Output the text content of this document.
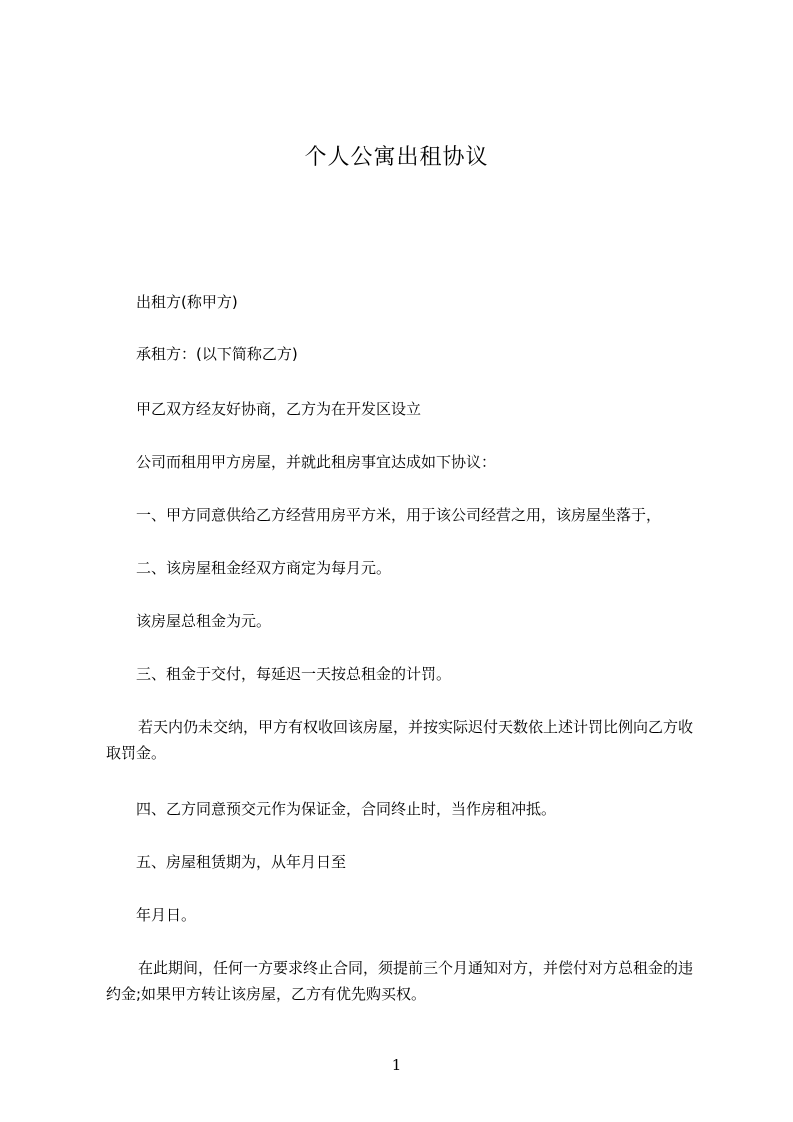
个人公寓出租协议
出租方(称甲方)
承租方：(以下简称乙方)
甲乙双方经友好协商，乙方为在开发区设立
公司而租用甲方房屋，并就此租房事宜达成如下协议：
一、甲方同意供给乙方经营用房平方米，用于该公司经营之用，该房屋坐落于，
二、该房屋租金经双方商定为每月元。
该房屋总租金为元。
三、租金于交付，每延迟一天按总租金的计罚。
若天内仍未交纳，甲方有权收回该房屋，并按实际迟付天数依上述计罚比例向乙方收取罚金。
四、乙方同意预交元作为保证金，合同终止时，当作房租冲抵。
五、房屋租赁期为，从年月日至
年月日。
在此期间，任何一方要求终止合同，须提前三个月通知对方，并偿付对方总租金的违约金;如果甲方转让该房屋，乙方有优先购买权。
1
